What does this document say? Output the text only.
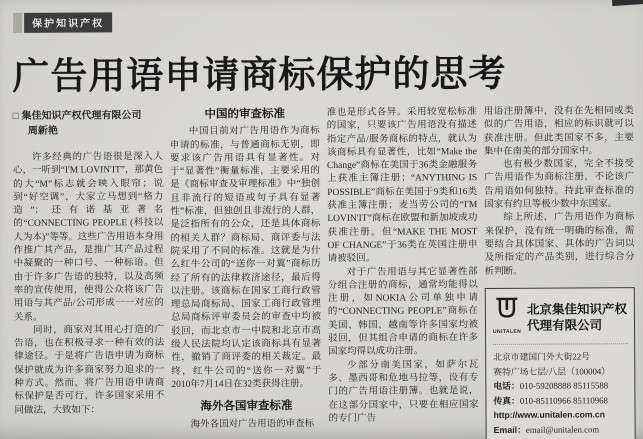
保护知识产权
广告用语申请商标保护的思考
□ 集佳知识产权代理有限公司
周新艳

许多经典的广告语很是深入人心，一听到“I'M LOVIN'IT”，那黄色的大“M”标志就会映入眼帘；说到“好空调”，大家立马想到“格力造”；还有诺基亚著名的“CONNECTING PEOPLE (科技以人为本)”等等。这些广告用语本身用作推广其产品，是推广其产品过程中凝聚的一种口号、一种标语。但由于许多广告语的独特，以及高频率的宣传使用，使得公众将该广告用语与其产品/公司形成一一对应的关系。

同时，商家对其用心打造的广告语，也在积极寻求一种有效的法律途径。于是将广告语申请为商标保护就成为许多商家努力追求的一种方式。然而，将广告用语申请商标保护是否可行，许多国家采用不同做法，大致如下：

中国的审查标准

中国目前对广告用语作为商标申请的标准，与普通商标无别，即要求该广告用语具有显著性。对于“显著性”衡量标准，主要采用的是《商标审查及审理标准》中“独创且非流行的短语或句子具有显著性”标准，但独创且非流行的人群，是泛指所有的公众，还是具体商标的相关人群？商标局、商评委与法院采用了不同的标准。这就是为什么红牛公司的“送你一对翼”商标历经了所有的法律救济途径，最后得以注册。该商标在国家工商行政管理总局商标局、国家工商行政管理总局商标评审委员会的审查中均被驳回，而北京市一中院和北京市高级人民法院均认定该商标具有显著性，撤销了商评委的相关裁定。最终，红牛公司的“送你一对翼”于2010年7月14日在32类获得注册。

海外各国审查标准

海外各国对广告用语的审查标

准也是形式各异。采用较宽松标准的国家，只要该广告用语没有描述指定产品/服务商标的特点，就认为该商标具有显著性，比如“Make the Change”商标在美国于36类金融服务上获准主簿注册；“ANYTHING IS POSSIBLE”商标在美国于9类和16类获准主簿注册；麦当劳公司的“I'M LOVIN'IT”商标在欧盟和新加坡成功获准注册。但“MAKE THE MOST OF CHANGE”于36类在英国注册申请被驳回。

对于广告用语与其它显著性部分组合注册的商标，通常均能得以注册，如NOKIA公司单独申请的“CONNECTING PEOPLE”商标在美国、韩国、越南等许多国家均被驳回，但其组合申请的商标在许多国家均得以成功注册。

少部分南美国家，如萨尔瓦多、墨西哥和危地马拉等，设有专门的广告用语注册簿。也就是说，在这部分国家中，只要在相应国家的专门广告

用语注册簿中，没有在先相同或类似的广告用语，相应的标识就可以获准注册。但此类国家不多，主要集中在南美的部分国家中。

也有极少数国家，完全不接受广告用语作为商标注册，不论该广告用语如何独特。持此审查标准的国家有约旦等极少数中东国家。

综上所述，广告用语作为商标来保护，没有统一明确的标准，需要结合具体国家、具体的广告词以及所指定的产品类别，进行综合分析判断。

UNITALEN
北京集佳知识产权
代理有限公司
北京市建国门外大街22号
赛特广场七层/八层（100004）
电话：010-59208888 85115588
传真：010-85110966 85110968
http://www.unitalen.com.cn
Email：email@unitalen.com
